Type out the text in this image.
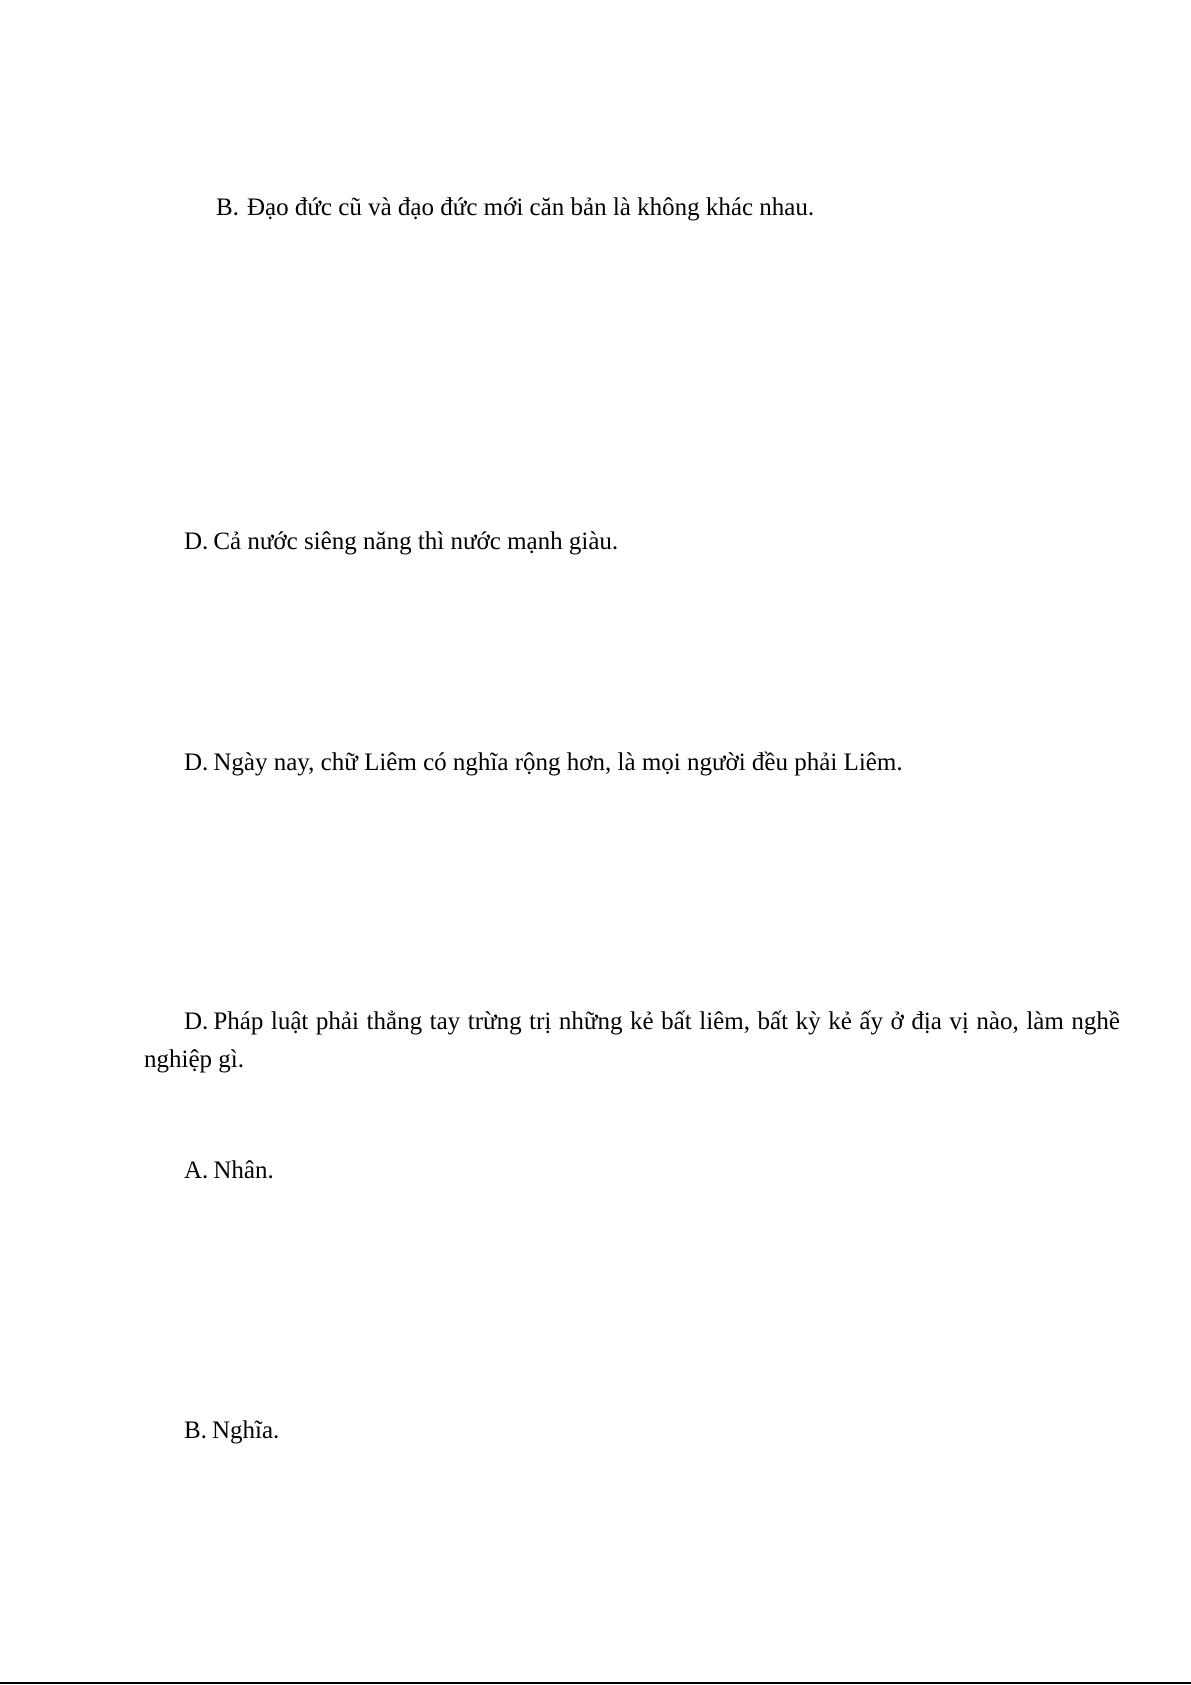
B. Đạo đức cũ và đạo đức mới căn bản là không khác nhau.
D. Cả nước siêng năng thì nước mạnh giàu.
D. Ngày nay, chữ Liêm có nghĩa rộng hơn, là mọi người đều phải Liêm.
D. Pháp luật phải thẳng tay trừng trị những kẻ bất liêm, bất kỳ kẻ ấy ở địa vị nào, làm nghề nghiệp gì.
A. Nhân.
B. Nghĩa.
